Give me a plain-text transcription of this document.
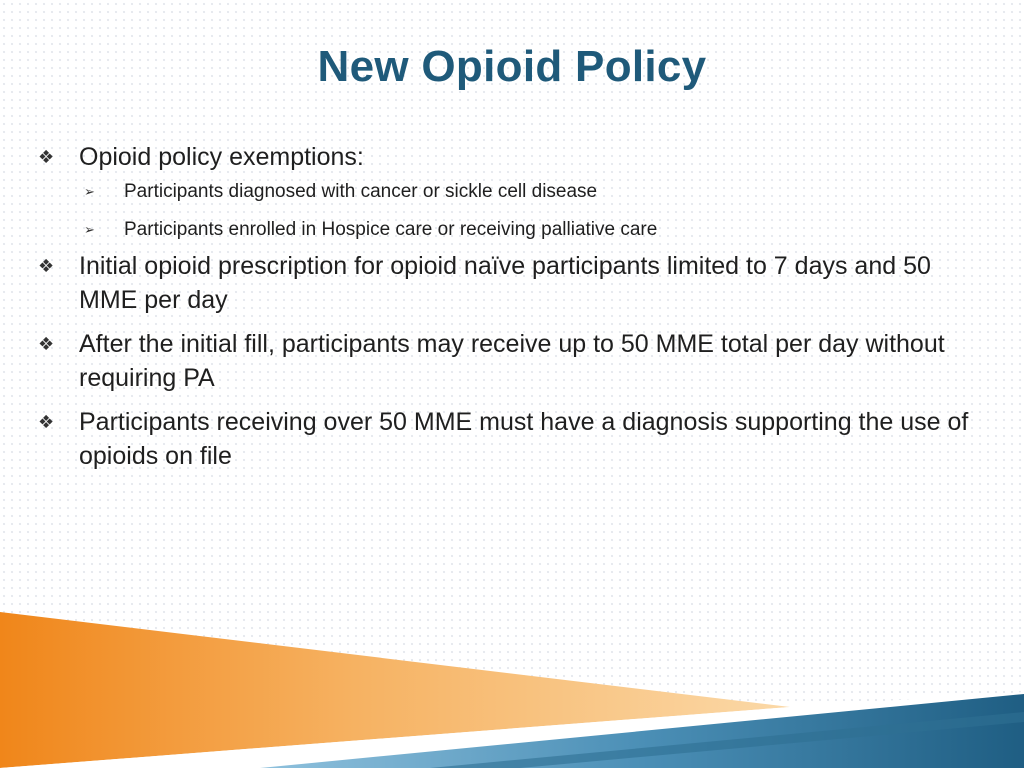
New Opioid Policy
❖ Opioid policy exemptions:
➢	Participants diagnosed with cancer or sickle cell disease
➢	Participants enrolled in Hospice care or receiving palliative care
❖ Initial opioid prescription for opioid naïve participants limited to 7 days and 50 MME per day
❖ After the initial fill, participants may receive up to 50 MME total per day without requiring PA
❖ Participants receiving over 50 MME must have a diagnosis supporting the use of opioids on file
